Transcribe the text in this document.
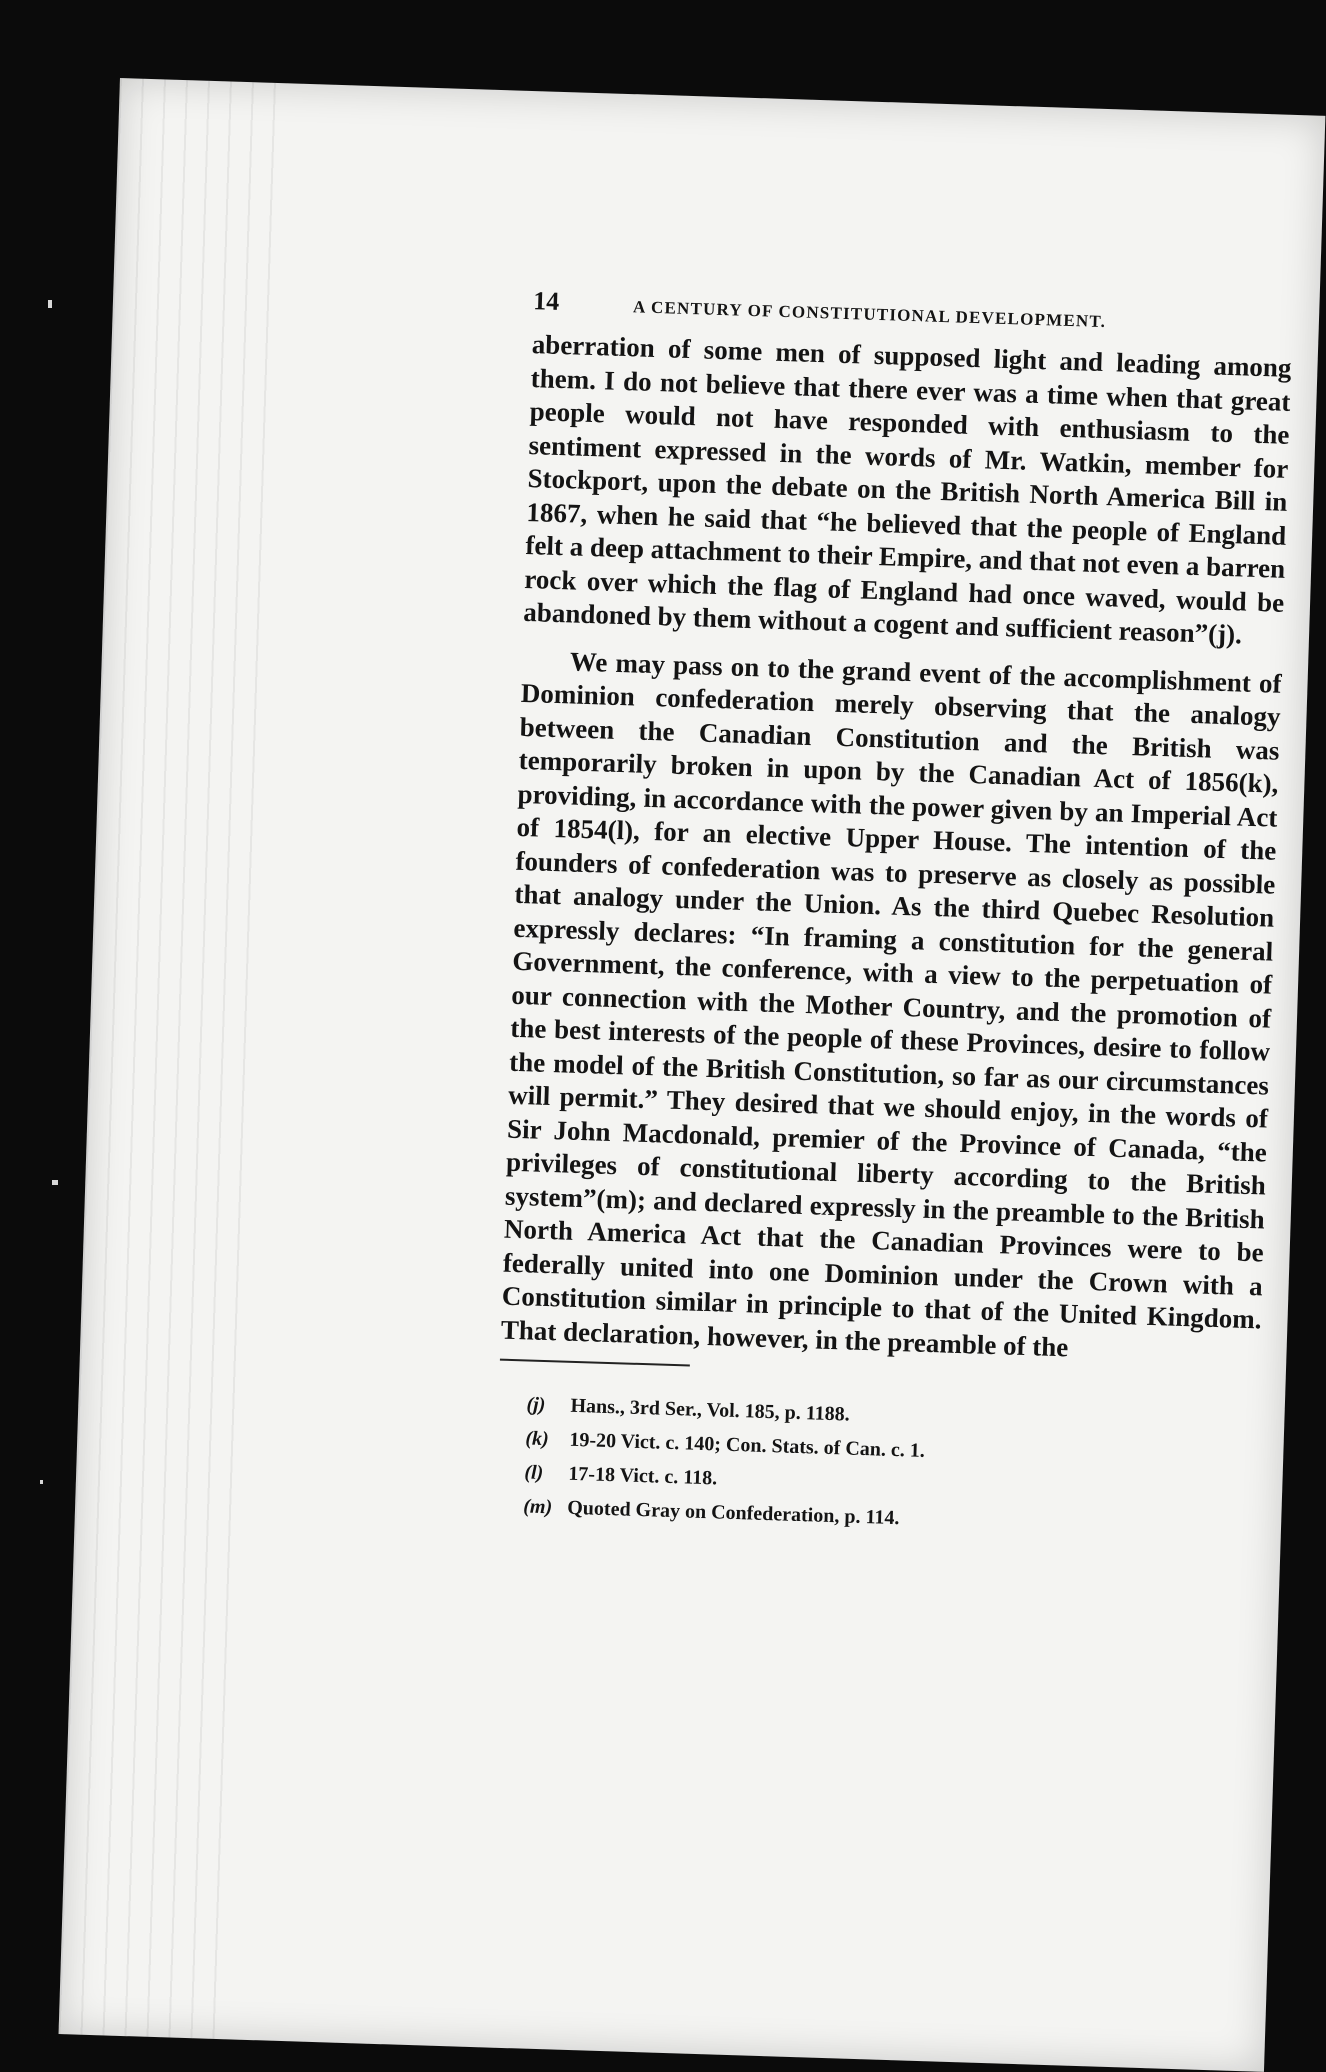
14	A CENTURY OF CONSTITUTIONAL DEVELOPMENT.

aberration of some men of supposed light and leading among them. I do not believe that there ever was a time when that great people would not have responded with enthusiasm to the sentiment expressed in the words of Mr. Watkin, member for Stockport, upon the debate on the British North America Bill in 1867, when he said that “he believed that the people of England felt a deep attachment to their Empire, and that not even a barren rock over which the flag of England had once waved, would be abandoned by them without a cogent and sufficient reason”(j).

We may pass on to the grand event of the accomplishment of Dominion confederation merely observing that the analogy between the Canadian Constitution and the British was temporarily broken in upon by the Canadian Act of 1856(k), providing, in accordance with the power given by an Imperial Act of 1854(l), for an elective Upper House. The intention of the founders of confederation was to preserve as closely as possible that analogy under the Union. As the third Quebec Resolution expressly declares: “In framing a constitution for the general Government, the conference, with a view to the perpetuation of our connection with the Mother Country, and the promotion of the best interests of the people of these Provinces, desire to follow the model of the British Constitution, so far as our circumstances will permit.” They desired that we should enjoy, in the words of Sir John Macdonald, premier of the Province of Canada, “the privileges of constitutional liberty according to the British system”(m); and declared expressly in the preamble to the British North America Act that the Canadian Provinces were to be federally united into one Dominion under the Crown with a Constitution similar in principle to that of the United Kingdom. That declaration, however, in the preamble of the

(j)	Hans., 3rd Ser., Vol. 185, p. 1188.
(k) 19-20 Vict. c. 140; Con. Stats. of Can. c. 1.
(l)	17-18 Vict. c. 118.
(m) Quoted Gray on Confederation, p. 114.
